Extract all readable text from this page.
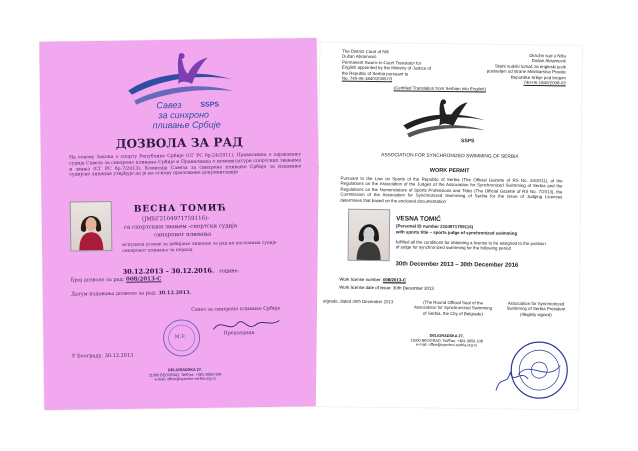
SSPS
Савез
за синхроно
пливање Србије
ДОЗВОЛА ЗА РАД
На основу Закона о спорту Републике Србије (СГ РС бр.24/2011), Правилника о одржавању судија Савеза за синхроно пливање Србије и Правилника о номенклатури спортских звањима и звања (СГ РС бр.7/2013), Комисија Савеза за синхроно пливање Србије за издавање судијске лиценце утврђује да је на основу приложене документације
ВЕСНА ТОМИЋ
(ЈМБГ2104971759116)-
са спортским звањем -спортски судија
синхроног пливања
испунила услове за добијање лиценце за рад на пословима судије синхроног пливања за период
30.12.2013 – 30.12.2016. године.
Број дозволе за рад: 008/2013-С
Датум издавања дозволе за рад: 30.12.2013.
Савез за синхроно пливање Србије
Председник
M.P.
У Београду, 30.12.2013
DELIGRADSKA 27,
11000 BEOGRAD, Tel/Fax: +381-3650-108
e-mail: office@synchro-serbia.org.rs
The District Court of Niš
Dušan Abramović
Permanent Sworn-in-Court Translator for
English appointed by the Ministry of Justice of
the Republic of Serbia pursuant to
No. 740-06-1840/2008-03
Okružni sud u Nišu
Dušan Abramović
Stalni sudski tumač za engleski jezik
postavljen od strane Ministarstva Pravde
Republike Srbije pod brojem
740-06-1840/2008-03
(Certified Translation from Serbian into English)
SSPS
ASSOCIATION FOR SYNCHRONIZED SWIMMING OF SERBIA
WORK PERMIT
Pursuant to the Law on Sports of the Republic of Serbia (The Official Gazette of RS No. 24/2011), of the Regulations on the Association of the Judges of the Association for Synchronized Swimming of Serbia and the Regulations on the Nomenclature of Sports Professions and Titles (The Official Gazette of RS No. 7/2013), the Commission of the Association for Synchronized Swimming of Serbia for the Issue of Judging Licenses determines that based on the enclosed documentation
VESNA TOMIĆ
(Personal ID number 2104971759116)
with sports title – sports judge of synchronized swimming
fulfilled all the conditions for obtaining a license to be assigned to the position of judge for synchronized swimming for the following period
30th December 2013 – 30th December 2016
Work license number: 008/2013-C
Work license date of issue: 30th December 2013
elgrade, dated 30th December 2013	(The Round Official Seal of the Association for Synchronized Swimming of Serbia, the City of Belgrade)
Association for Synchronized Swimming of Serbia President (Illegibly signed)
DELIGRADSKA 27,
11000 BEOGRAD, Tel/Fax: +381-3650-108
e-mail: office@synchro-serbia.org.rs
